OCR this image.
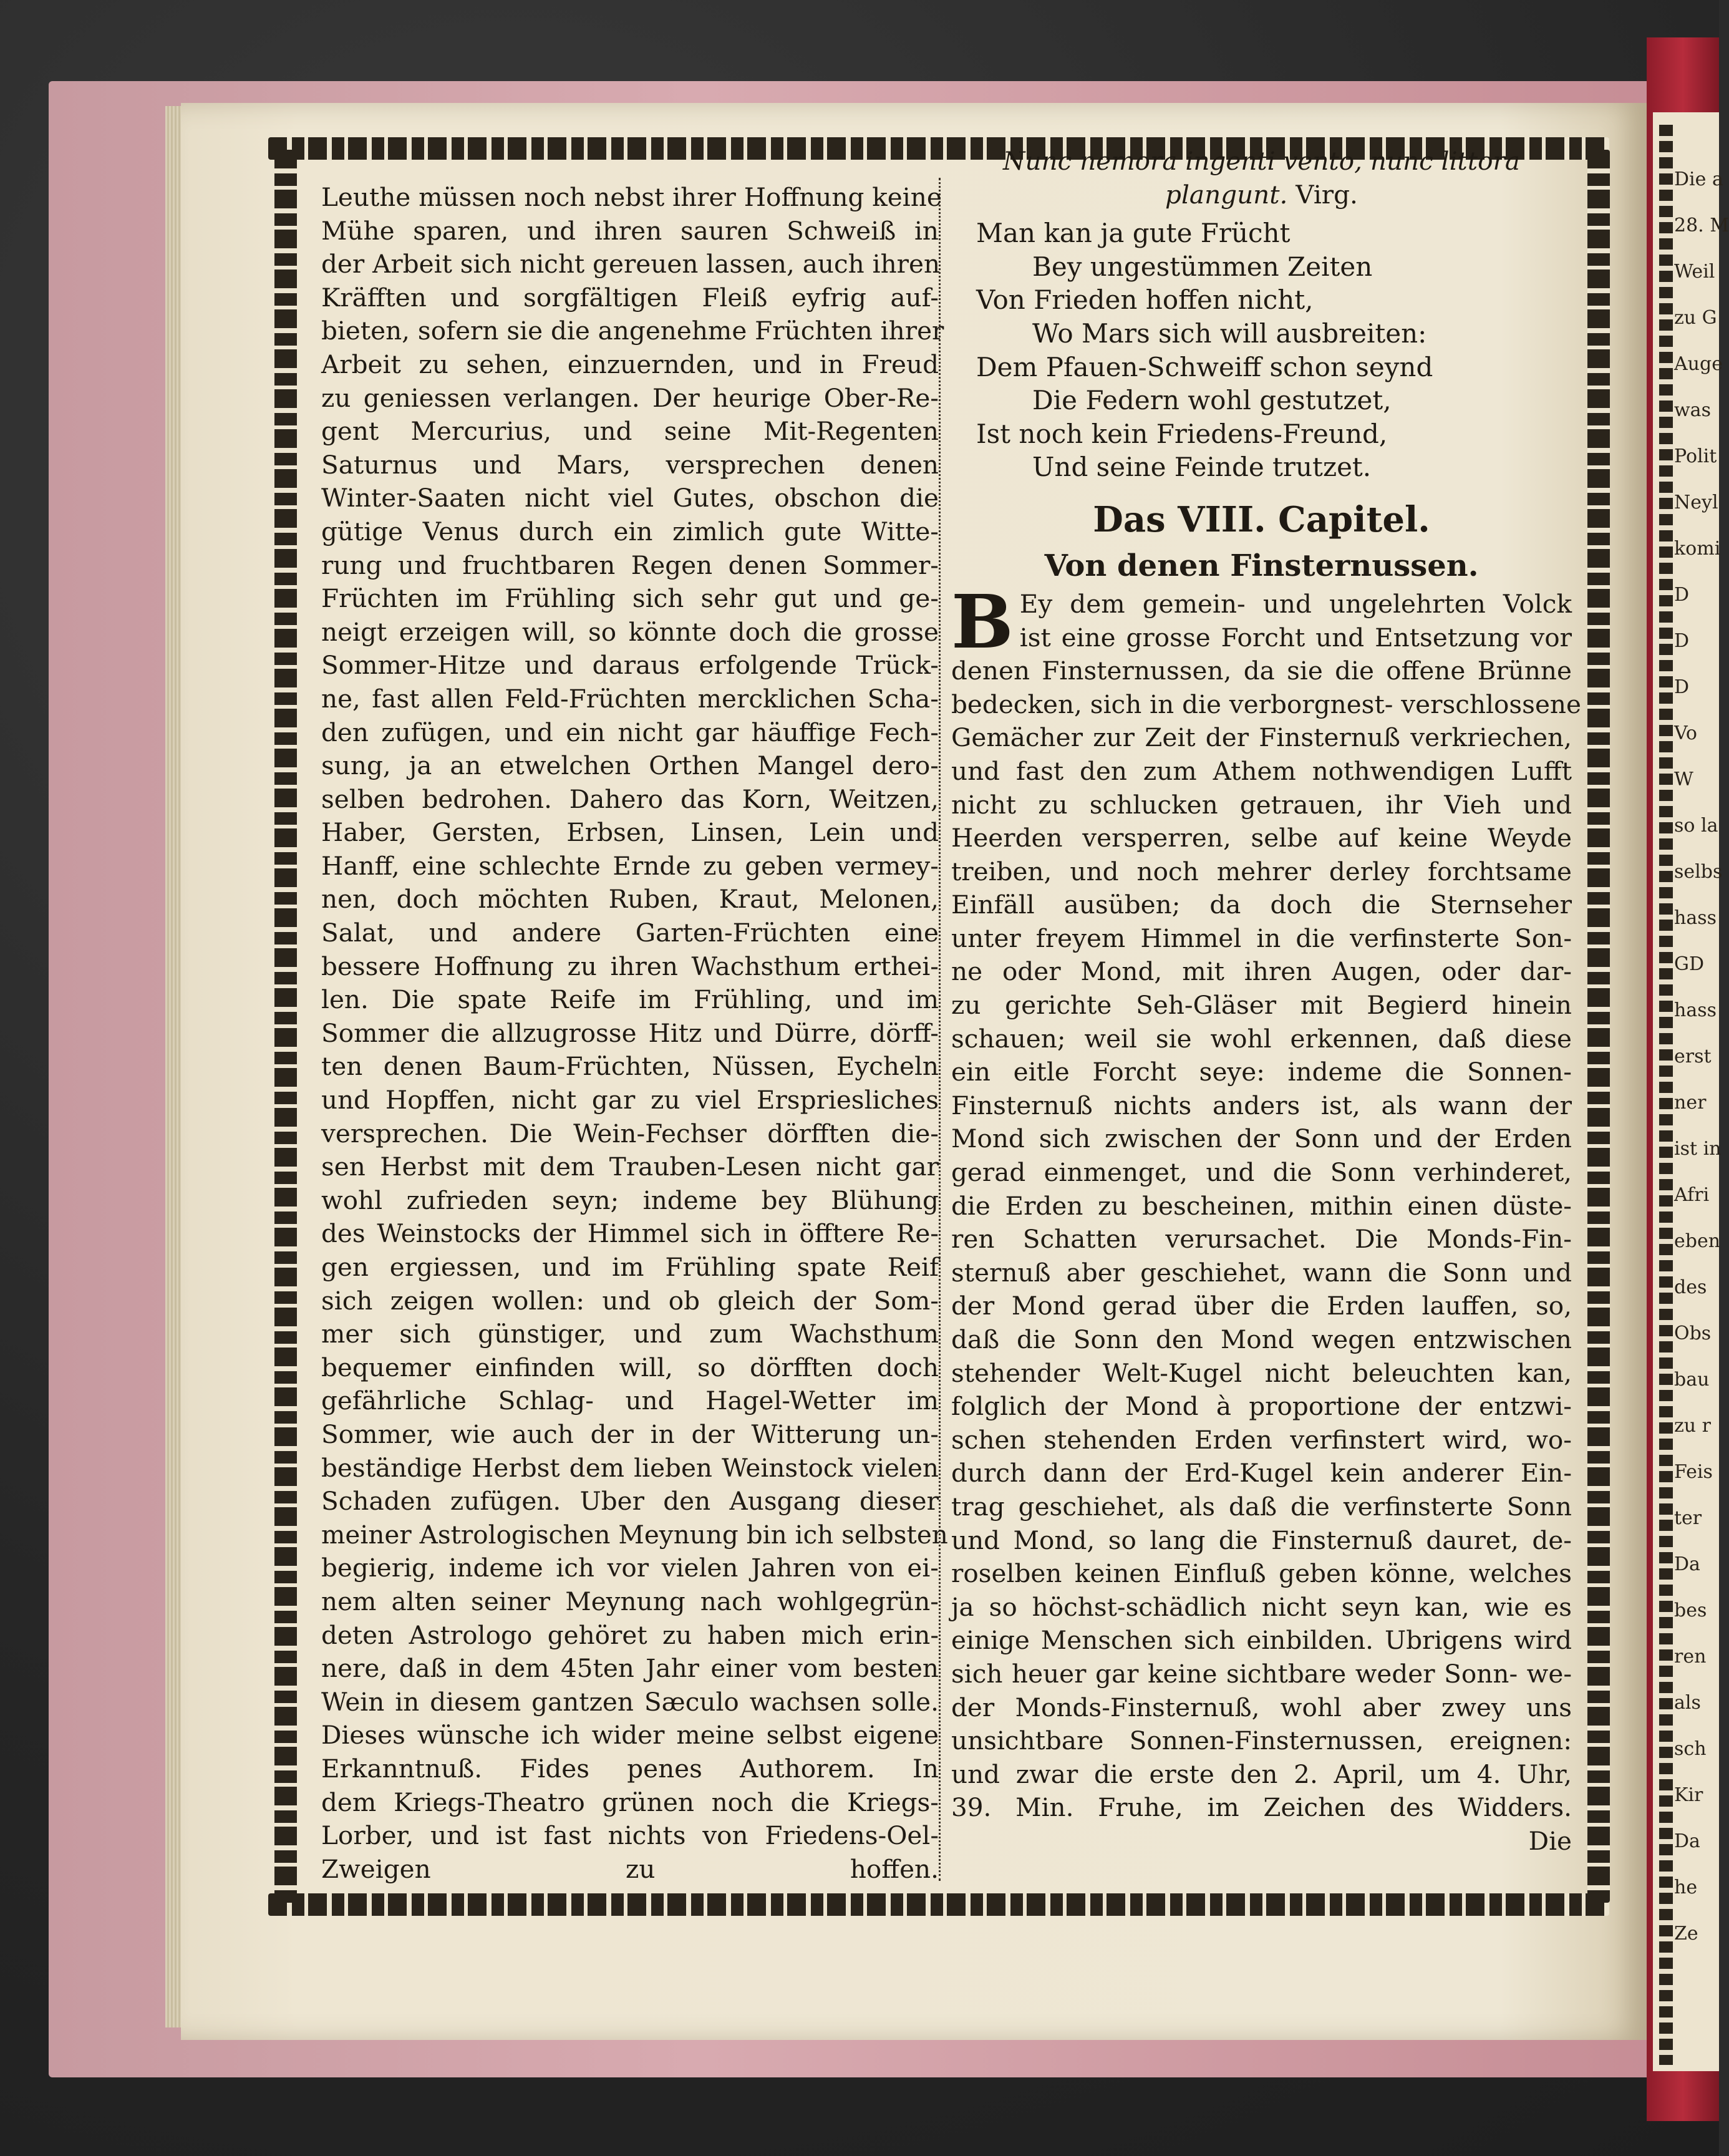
Die a
28. M
Weil
zu G
Auge
was
Polit
Neyl
komi
D
D
D
Vo
W
so la
selbs
hass
GD
hass
erst
ner
ist in
Afri
eben
des
Obs
bau
zu r
Feis
ter
Da
bes
ren
als
sch
Kir
Da
he
Ze
Leuthe müssen noch nebst ihrer Hoffnung keine
Mühe sparen, und ihren sauren Schweiß in
der Arbeit sich nicht gereuen lassen, auch ihren
Kräfften und sorgfältigen Fleiß eyfrig auf-
bieten, sofern sie die angenehme Früchten ihrer
Arbeit zu sehen, einzuernden, und in Freud
zu geniessen verlangen. Der heurige Ober-Re-
gent Mercurius, und seine Mit-Regenten
Saturnus und Mars, versprechen denen
Winter-Saaten nicht viel Gutes, obschon die
gütige Venus durch ein zimlich gute Witte-
rung und fruchtbaren Regen denen Sommer-
Früchten im Frühling sich sehr gut und ge-
neigt erzeigen will, so könnte doch die grosse
Sommer-Hitze und daraus erfolgende Trück-
ne, fast allen Feld-Früchten mercklichen Scha-
den zufügen, und ein nicht gar häuffige Fech-
sung, ja an etwelchen Orthen Mangel dero-
selben bedrohen. Dahero das Korn, Weitzen,
Haber, Gersten, Erbsen, Linsen, Lein und
Hanff, eine schlechte Ernde zu geben vermey-
nen, doch möchten Ruben, Kraut, Melonen,
Salat, und andere Garten-Früchten eine
bessere Hoffnung zu ihren Wachsthum erthei-
len. Die spate Reife im Frühling, und im
Sommer die allzugrosse Hitz und Dürre, dörff-
ten denen Baum-Früchten, Nüssen, Eycheln
und Hopffen, nicht gar zu viel Erspriesliches
versprechen. Die Wein-Fechser dörfften die-
sen Herbst mit dem Trauben-Lesen nicht gar
wohl zufrieden seyn; indeme bey Blühung
des Weinstocks der Himmel sich in öfftere Re-
gen ergiessen, und im Frühling spate Reif
sich zeigen wollen: und ob gleich der Som-
mer sich günstiger, und zum Wachsthum
bequemer einfinden will, so dörfften doch
gefährliche Schlag- und Hagel-Wetter im
Sommer, wie auch der in der Witterung un-
beständige Herbst dem lieben Weinstock vielen
Schaden zufügen. Uber den Ausgang dieser
meiner Astrologischen Meynung bin ich selbsten
begierig, indeme ich vor vielen Jahren von ei-
nem alten seiner Meynung nach wohlgegrün-
deten Astrologo gehöret zu haben mich erin-
nere, daß in dem 45ten Jahr einer vom besten
Wein in diesem gantzen Sæculo wachsen solle.
Dieses wünsche ich wider meine selbst eigene
Erkanntnuß. Fides penes Authorem. In
dem Kriegs-Theatro grünen noch die Kriegs-
Lorber, und ist fast nichts von Friedens-Oel-
Zweigen zu hoffen.
Nunc nemora ingenti vento, nunc littora
plangunt. Virg.
Man kan ja gute Frücht
Bey ungestümmen Zeiten
Von Frieden hoffen nicht,
Wo Mars sich will ausbreiten:
Dem Pfauen-Schweiff schon seynd
Die Federn wohl gestutzet,
Ist noch kein Friedens-Freund,
Und seine Feinde trutzet.
Das VIII. Capitel.
Von denen Finsternussen.
B Ey dem gemein- und ungelehrten Volck
ist eine grosse Forcht und Entsetzung vor
denen Finsternussen, da sie die offene Brünne
bedecken, sich in die verborgnest- verschlossene
Gemächer zur Zeit der Finsternuß verkriechen,
und fast den zum Athem nothwendigen Lufft
nicht zu schlucken getrauen, ihr Vieh und
Heerden versperren, selbe auf keine Weyde
treiben, und noch mehrer derley forchtsame
Einfäll ausüben; da doch die Sternseher
unter freyem Himmel in die verfinsterte Son-
ne oder Mond, mit ihren Augen, oder dar-
zu gerichte Seh-Gläser mit Begierd hinein
schauen; weil sie wohl erkennen, daß diese
ein eitle Forcht seye: indeme die Sonnen-
Finsternuß nichts anders ist, als wann der
Mond sich zwischen der Sonn und der Erden
gerad einmenget, und die Sonn verhinderet,
die Erden zu bescheinen, mithin einen düste-
ren Schatten verursachet. Die Monds-Fin-
sternuß aber geschiehet, wann die Sonn und
der Mond gerad über die Erden lauffen, so,
daß die Sonn den Mond wegen entzwischen
stehender Welt-Kugel nicht beleuchten kan,
folglich der Mond à proportione der entzwi-
schen stehenden Erden verfinstert wird, wo-
durch dann der Erd-Kugel kein anderer Ein-
trag geschiehet, als daß die verfinsterte Sonn
und Mond, so lang die Finsternuß dauret, de-
roselben keinen Einfluß geben könne, welches
ja so höchst-schädlich nicht seyn kan, wie es
einige Menschen sich einbilden. Ubrigens wird
sich heuer gar keine sichtbare weder Sonn- we-
der Monds-Finsternuß, wohl aber zwey uns
unsichtbare Sonnen-Finsternussen, ereignen:
und zwar die erste den 2. April, um 4. Uhr,
39. Min. Fruhe, im Zeichen des Widders.
Die
